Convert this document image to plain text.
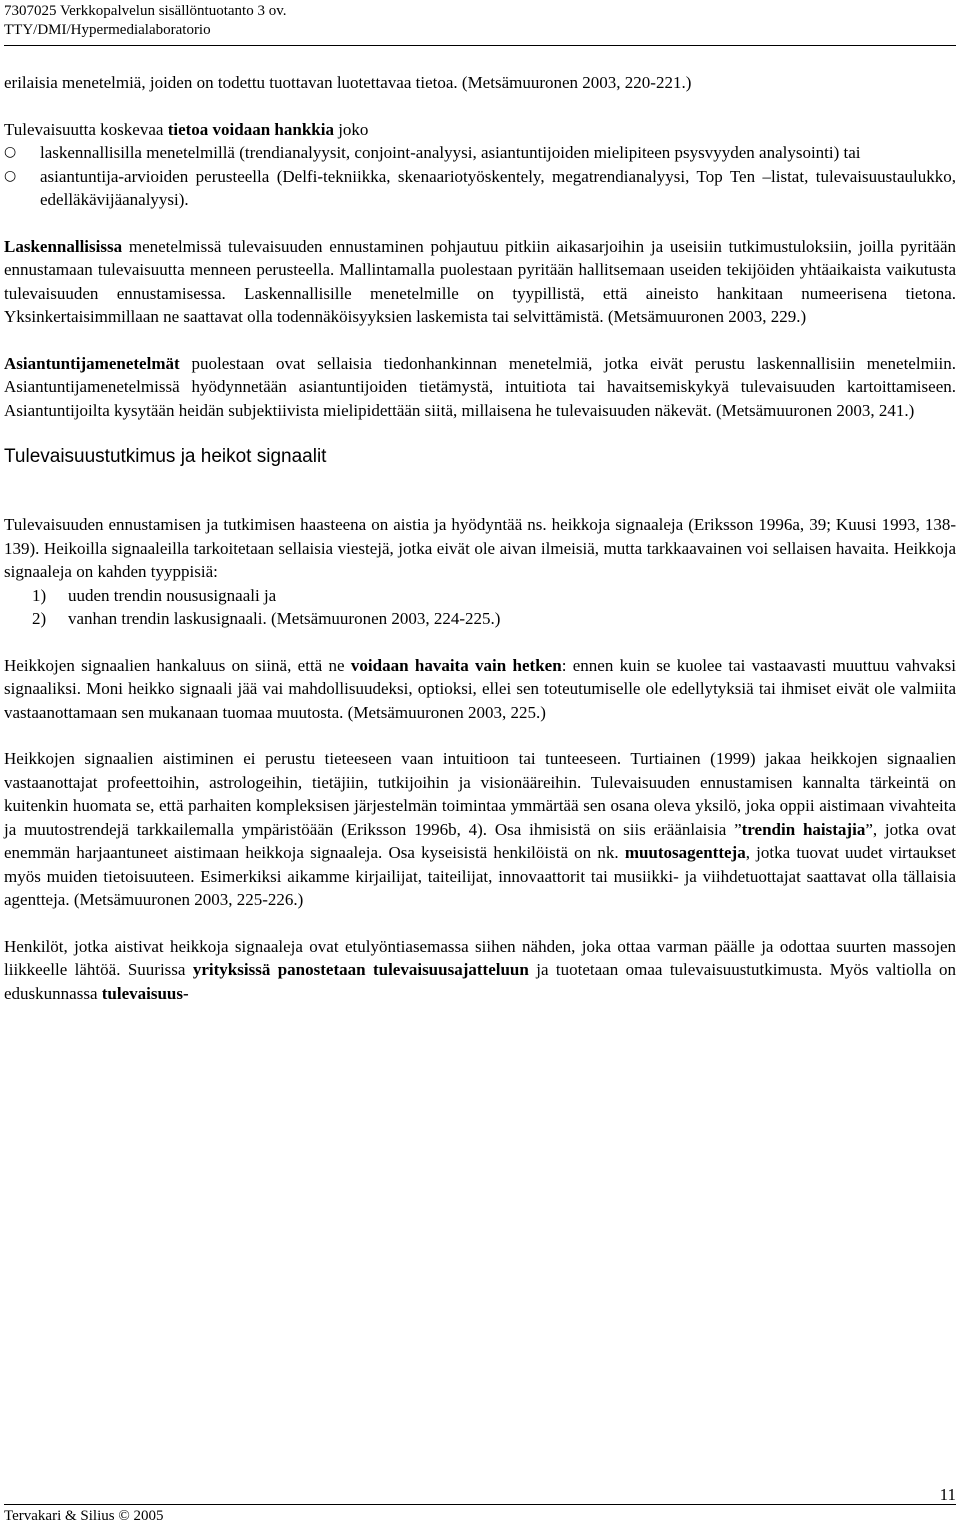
7307025 Verkkopalvelun sisällöntuotanto 3 ov.
TTY/DMI/Hypermedialaboratorio

erilaisia menetelmiä, joiden on todettu tuottavan luotettavaa tietoa. (Metsämuuronen 2003, 220-221.)

Tulevaisuutta koskevaa tietoa voidaan hankkia joko
○	laskennallisilla menetelmillä (trendianalyysit, conjoint-analyysi, asiantuntijoiden mielipiteen psysvyyden analysointi) tai
○	asiantuntija-arvioiden perusteella (Delfi-tekniikka, skenaariotyöskentely, megatrendianalyysi, Top Ten –listat, tulevaisuustaulukko, edelläkävijäanalyysi).

Laskennallisissa menetelmissä tulevaisuuden ennustaminen pohjautuu pitkiin aikasarjoihin ja useisiin tutkimustuloksiin, joilla pyritään ennustamaan tulevaisuutta menneen perusteella. Mallintamalla puolestaan pyritään hallitsemaan useiden tekijöiden yhtäaikaista vaikutusta tulevaisuuden ennustamisessa. Laskennallisille menetelmille on tyypillistä, että aineisto hankitaan numeerisena tietona. Yksinkertaisimmillaan ne saattavat olla todennäköisyyksien laskemista tai selvittämistä. (Metsämuuronen 2003, 229.)

Asiantuntijamenetelmät puolestaan ovat sellaisia tiedonhankinnan menetelmiä, jotka eivät perustu laskennallisiin menetelmiin. Asiantuntijamenetelmissä hyödynnetään asiantuntijoiden tietämystä, intuitiota tai havaitsemiskykyä tulevaisuuden kartoittamiseen. Asiantuntijoilta kysytään heidän subjektiivista mielipidettään siitä, millaisena he tulevaisuuden näkevät. (Metsämuuronen 2003, 241.)

Tulevaisuustutkimus ja heikot signaalit

Tulevaisuuden ennustamisen ja tutkimisen haasteena on aistia ja hyödyntää ns. heikkoja signaaleja (Eriksson 1996a, 39; Kuusi 1993, 138-139). Heikoilla signaaleilla tarkoitetaan sellaisia viestejä, jotka eivät ole aivan ilmeisiä, mutta tarkkaavainen voi sellaisen havaita. Heikkoja signaaleja on kahden tyyppisiä:

1)	uuden trendin noususignaali ja
2)	vanhan trendin laskusignaali. (Metsämuuronen 2003, 224-225.)

Heikkojen signaalien hankaluus on siinä, että ne voidaan havaita vain hetken: ennen kuin se kuolee tai vastaavasti muuttuu vahvaksi signaaliksi. Moni heikko signaali jää vai mahdollisuudeksi, optioksi, ellei sen toteutumiselle ole edellytyksiä tai ihmiset eivät ole valmiita vastaanottamaan sen mukanaan tuomaa muutosta. (Metsämuuronen 2003, 225.)

Heikkojen signaalien aistiminen ei perustu tieteeseen vaan intuitioon tai tunteeseen. Turtiainen (1999) jakaa heikkojen signaalien vastaanottajat profeettoihin, astrologeihin, tietäjiin, tutkijoihin ja visionääreihin. Tulevaisuuden ennustamisen kannalta tärkeintä on kuitenkin huomata se, että parhaiten kompleksisen järjestelmän toimintaa ymmärtää sen osana oleva yksilö, joka oppii aistimaan vivahteita ja muutostrendejä tarkkailemalla ympäristöään (Eriksson 1996b, 4). Osa ihmisistä on siis eräänlaisia ”trendin haistajia”, jotka ovat enemmän harjaantuneet aistimaan heikkoja signaaleja. Osa kyseisistä henkilöistä on nk. muutosagentteja, jotka tuovat uudet virtaukset myös muiden tietoisuuteen. Esimerkiksi aikamme kirjailijat, taiteilijat, innovaattorit tai musiikki- ja viihdetuottajat saattavat olla tällaisia agentteja. (Metsämuuronen 2003, 225-226.)

Henkilöt, jotka aistivat heikkoja signaaleja ovat etulyöntiasemassa siihen nähden, joka ottaa varman päälle ja odottaa suurten massojen liikkeelle lähtöä. Suurissa yrityksissä panostetaan tulevaisuusajatteluun ja tuotetaan omaa tulevaisuustutkimusta. Myös valtiolla on eduskunnassa tulevaisuus-

Tervakari & Silius © 2005
11
